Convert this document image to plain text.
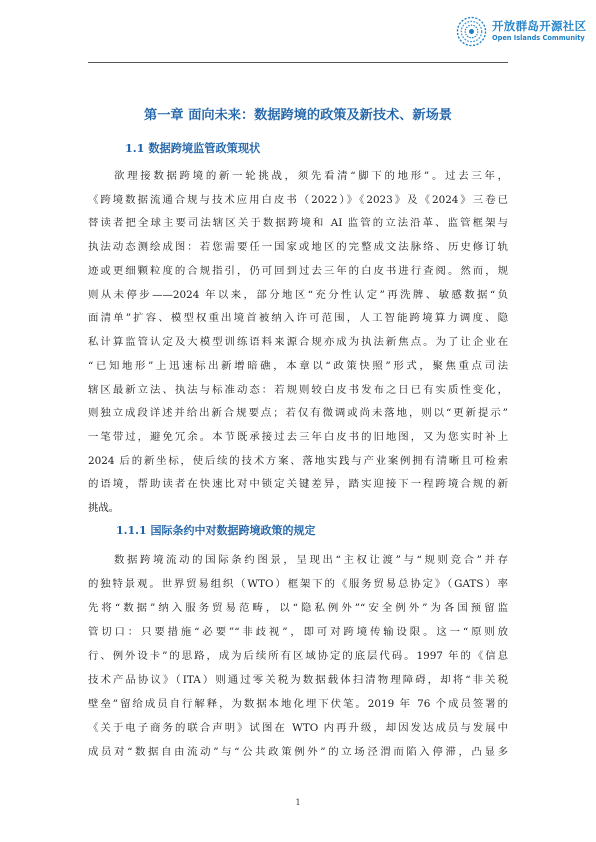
开放群岛开源社区
Open Islands Community
第一章 面向未来：数据跨境的政策及新技术、新场景
1.1 数据跨境监管政策现状
欲理接数据跨境的新一轮挑战，须先看清“脚下的地形”。过去三年，
《跨境数据流通合规与技术应用白皮书（2022）》《2023》及《2024》三卷已
替读者把全球主要司法辖区关于数据跨境和 AI 监管的立法沿革、监管框架与
执法动态测绘成图：若您需要任一国家或地区的完整成文法脉络、历史修订轨
迹或更细颗粒度的合规指引，仍可回到过去三年的白皮书进行查阅。然而，规
则从未停步——2024 年以来，部分地区“充分性认定”再洗牌、敏感数据“负
面清单”扩容、模型权重出境首被纳入许可范围，人工智能跨境算力调度、隐
私计算监管认定及大模型训练语料来源合规亦成为执法新焦点。为了让企业在
“已知地形”上迅速标出新增暗礁，本章以“政策快照”形式，聚焦重点司法
辖区最新立法、执法与标准动态：若规则较白皮书发布之日已有实质性变化，
则独立成段详述并给出新合规要点；若仅有微调或尚未落地，则以“更新提示”
一笔带过，避免冗余。本节既承接过去三年白皮书的旧地图，又为您实时补上
2024 后的新坐标，使后续的技术方案、落地实践与产业案例拥有清晰且可检索
的语境，帮助读者在快速比对中锁定关键差异，踏实迎接下一程跨境合规的新
挑战。
1.1.1 国际条约中对数据跨境政策的规定
数据跨境流动的国际条约图景，呈现出“主权让渡”与“规则竞合”并存
的独特景观。世界贸易组织（WTO）框架下的《服务贸易总协定》（GATS）率
先将“数据”纳入服务贸易范畴，以“隐私例外”“安全例外”为各国预留监
管切口：只要措施“必要”“非歧视”，即可对跨境传输设限。这一“原则放
行、例外设卡”的思路，成为后续所有区域协定的底层代码。1997 年的《信息
技术产品协议》（ITA）则通过零关税为数据载体扫清物理障碍，却将“非关税
壁垒”留给成员自行解释，为数据本地化埋下伏笔。2019 年 76 个成员签署的
《关于电子商务的联合声明》试图在 WTO 内再升级，却因发达成员与发展中
成员对“数据自由流动”与“公共政策例外”的立场泾渭而陷入停滞，凸显多
1
